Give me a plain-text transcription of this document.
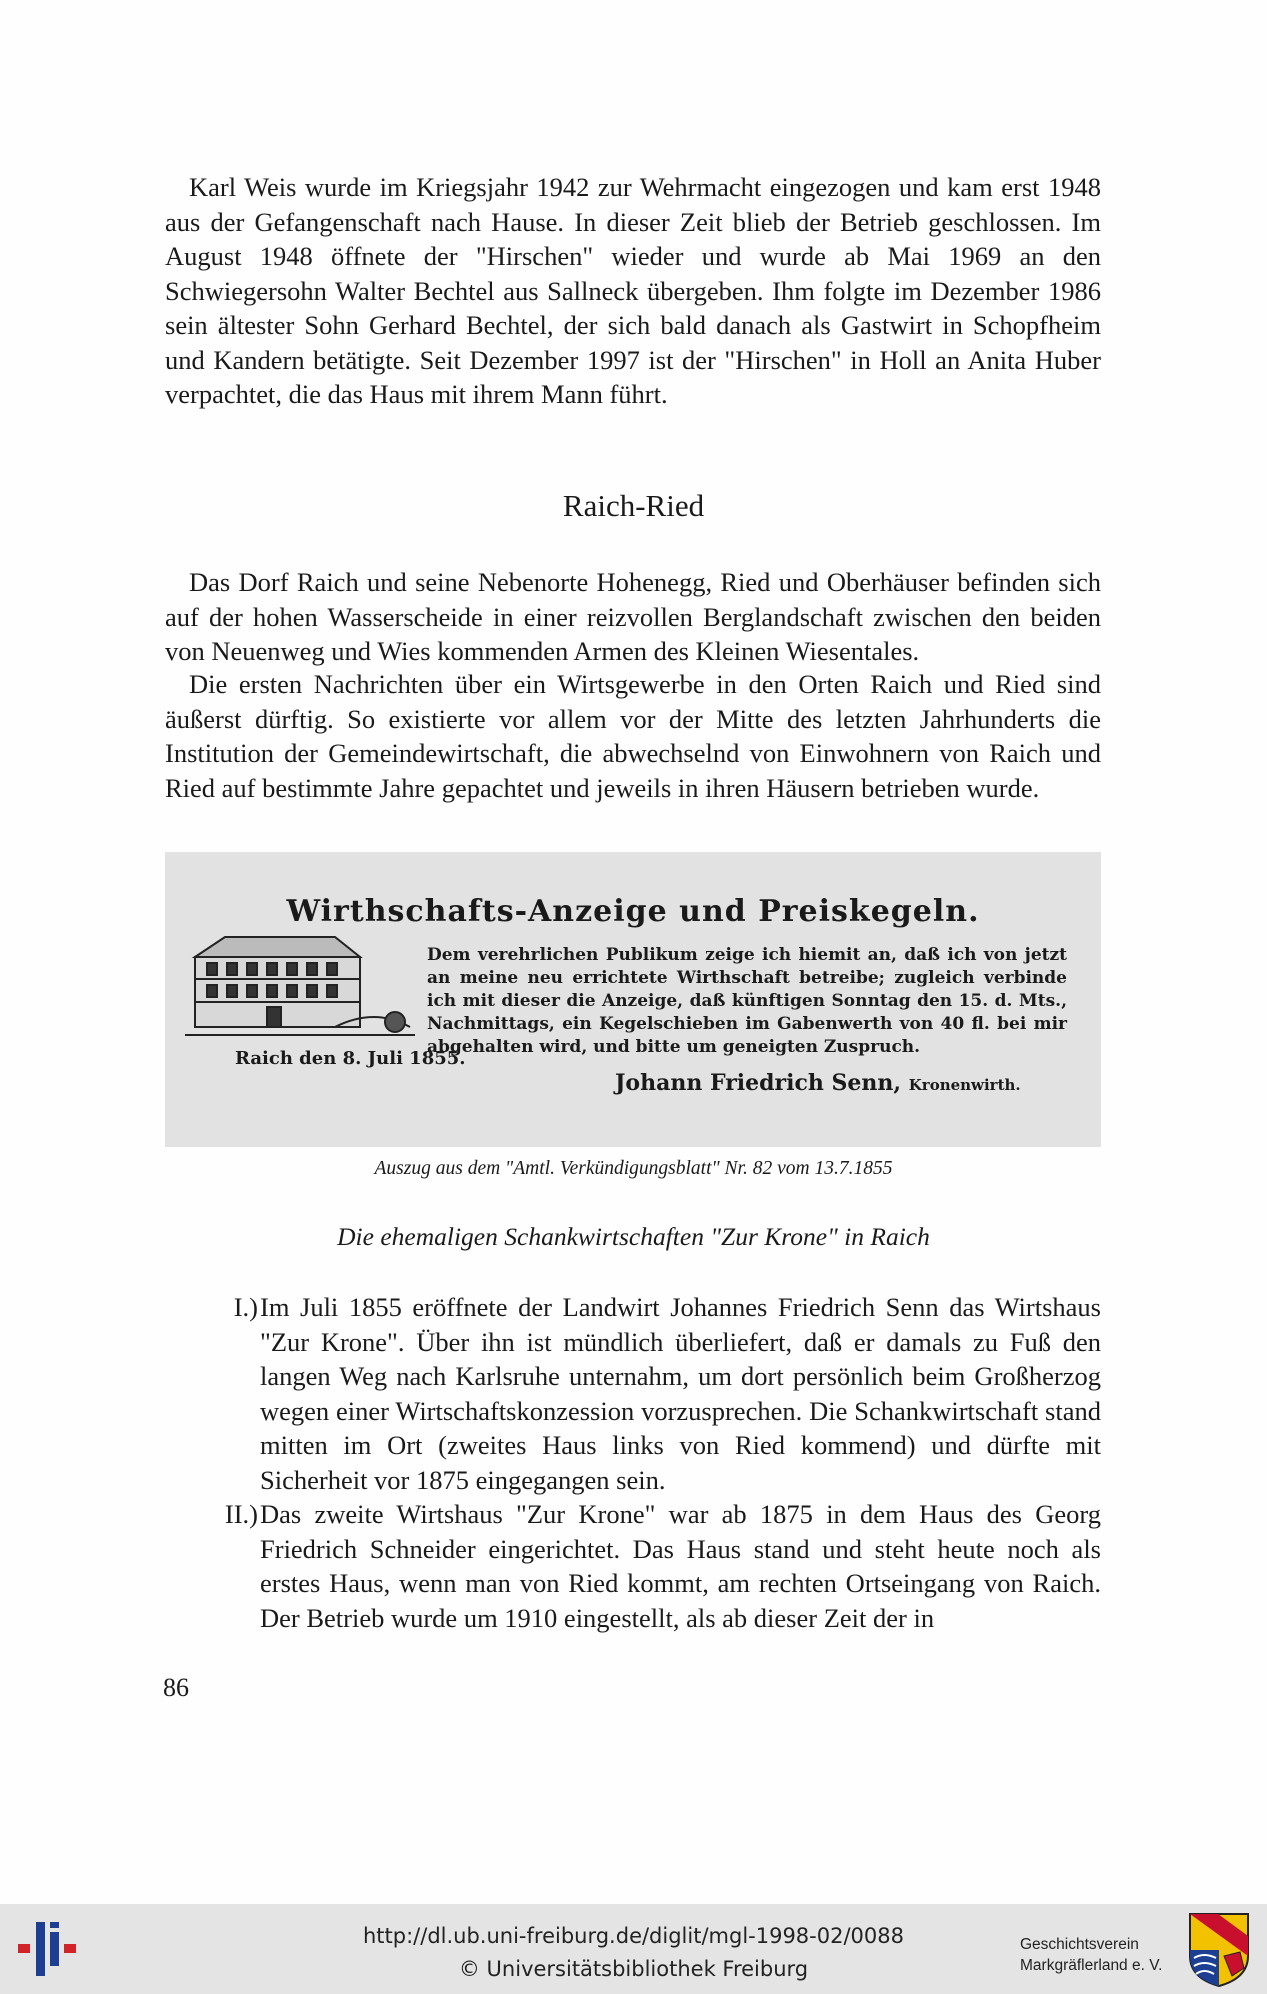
Karl Weis wurde im Kriegsjahr 1942 zur Wehrmacht eingezogen und kam erst 1948 aus der Gefangenschaft nach Hause. In dieser Zeit blieb der Betrieb geschlossen. Im August 1948 öffnete der "Hirschen" wieder und wurde ab Mai 1969 an den Schwiegersohn Walter Bechtel aus Sallneck übergeben. Ihm folgte im Dezember 1986 sein ältester Sohn Gerhard Bechtel, der sich bald danach als Gastwirt in Schopfheim und Kandern betätigte. Seit Dezember 1997 ist der "Hirschen" in Holl an Anita Huber verpachtet, die das Haus mit ihrem Mann führt.

Raich-Ried

Das Dorf Raich und seine Nebenorte Hohenegg, Ried und Oberhäuser befinden sich auf der hohen Wasserscheide in einer reizvollen Berglandschaft zwischen den beiden von Neuenweg und Wies kommenden Armen des Kleinen Wiesentales.

Die ersten Nachrichten über ein Wirtsgewerbe in den Orten Raich und Ried sind äußerst dürftig. So existierte vor allem vor der Mitte des letzten Jahrhunderts die Institution der Gemeindewirtschaft, die abwechselnd von Einwohnern von Raich und Ried auf bestimmte Jahre gepachtet und jeweils in ihren Häusern betrieben wurde.

Wirthschafts-Anzeige und Preiskegeln.
Dem verehrlichen Publikum zeige ich hiemit an, daß ich von jetzt an meine neu errichtete Wirthschaft betreibe; zugleich verbinde ich mit dieser die Anzeige, daß künftigen Sonntag den 15. d. Mts., Nachmittags, ein Kegelschieben im Gabenwerth von 40 fl. bei mir abgehalten wird, und bitte um geneigten Zuspruch.
Raich den 8. Juli 1855.
Johann Friedrich Senn, Kronenwirth.
Auszug aus dem "Amtl. Verkündigungsblatt" Nr. 82 vom 13.7.1855
Die ehemaligen Schankwirtschaften "Zur Krone" in Raich
I.) Im Juli 1855 eröffnete der Landwirt Johannes Friedrich Senn das Wirtshaus "Zur Krone". Über ihn ist mündlich überliefert, daß er damals zu Fuß den langen Weg nach Karlsruhe unternahm, um dort persönlich beim Großherzog wegen einer Wirtschaftskonzession vorzusprechen. Die Schankwirtschaft stand mitten im Ort (zweites Haus links von Ried kommend) und dürfte mit Sicherheit vor 1875 eingegangen sein.
II.) Das zweite Wirtshaus "Zur Krone" war ab 1875 in dem Haus des Georg Friedrich Schneider eingerichtet. Das Haus stand und steht heute noch als erstes Haus, wenn man von Ried kommt, am rechten Ortseingang von Raich. Der Betrieb wurde um 1910 eingestellt, als ab dieser Zeit der in
86
http://dl.ub.uni-freiburg.de/diglit/mgl-1998-02/0088
© Universitätsbibliothek Freiburg
Geschichtsverein
Markgräflerland e. V.
